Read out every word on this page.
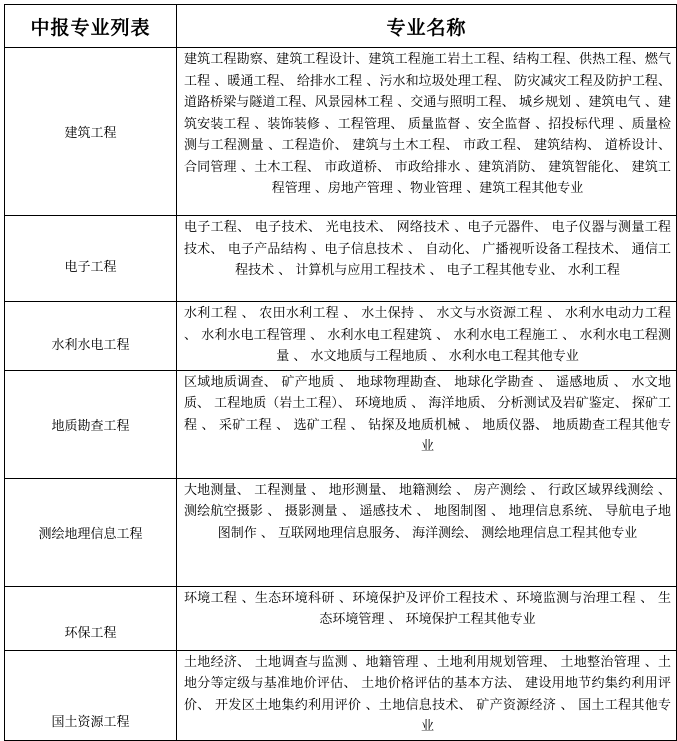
中报专业列表	专业名称
建筑工程	建筑工程勘察、建筑工程设计、建筑工程施工岩土工程、结构工程、供热工程、燃气工程 、暖通工程、 给排水工程 、污水和垃圾处理工程、 防灾减灾工程及防护工程、道路桥梁与隧道工程、风景园林工程 、交通与照明工程、 城乡规划 、建筑电气 、建筑安装工程 、装饰装修 、工程管理、 质量监督 、安全监督 、招投标代理 、质量检测与工程测量 、工程造价、 建筑与土木工程、 市政工程、 建筑结构、 道桥设计、 合同管理 、土木工程、 市政道桥、 市政给排水 、建筑消防、 建筑智能化、 建筑工程管理 、房地产管理 、物业管理 、建筑工程其他专业
电子工程	电子工程、 电子技术、 光电技术、 网络技术 、电子元器件、 电子仪器与测量工程技术、 电子产品结构 、电子信息技术 、 自动化、 广播视听设备工程技术、 通信工程技术 、 计算机与应用工程技术 、 电子工程其他专业、 水利工程
水利水电工程	水利工程 、 农田水利工程 、 水土保持 、 水文与水资源工程 、 水利水电动力工程 、 水利水电工程管理 、 水利水电工程建筑 、 水利水电工程施工 、 水利水电工程测量 、 水文地质与工程地质 、 水利水电工程其他专业
地质勘查工程	区域地质调查、 矿产地质 、 地球物理勘查、 地球化学勘查 、 遥感地质 、 水文地质、 工程地质（岩土工程）、 环境地质 、 海洋地质、 分析测试及岩矿鉴定、 探矿工程 、 采矿工程 、 选矿工程 、 钻探及地质机械 、 地质仪器、 地质勘查工程其他专业
测绘地理信息工程	大地测量、 工程测量 、 地形测量、 地籍测绘 、 房产测绘 、 行政区域界线测绘 、 测绘航空摄影 、 摄影测量 、 遥感技术 、 地图制图 、 地理信息系统、 导航电子地图制作 、 互联网地理信息服务、 海洋测绘、 测绘地理信息工程其他专业
环保工程	环境工程 、生态环境科研 、环境保护及评价工程技术 、环境监测与治理工程 、 生态环境管理 、 环境保护工程其他专业
国土资源工程	土地经济、 土地调查与监测 、地籍管理 、土地利用规划管理、 土地整治管理 、土地分等定级与基准地价评估、 土地价格评估的基本方法、 建设用地节约集约利用评价、 开发区土地集约利用评价 、土地信息技术、 矿产资源经济 、 国土工程其他专业
